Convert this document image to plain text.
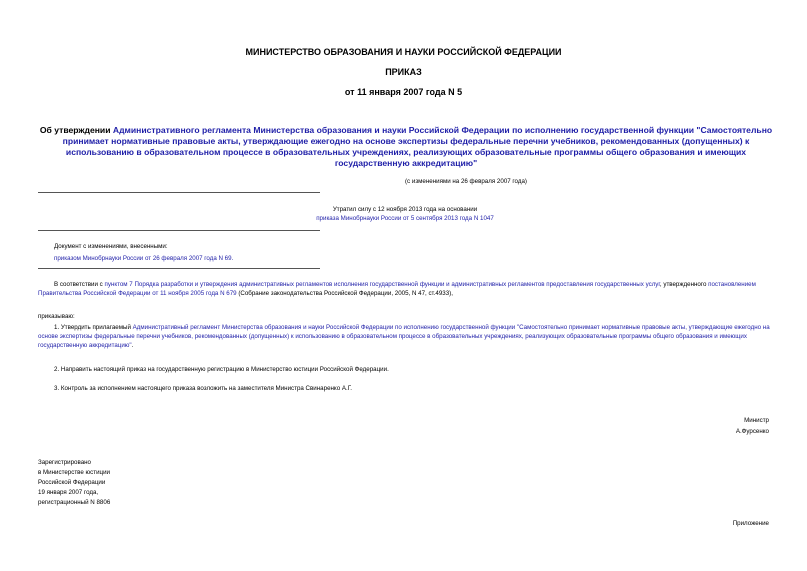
МИНИСТЕРСТВО ОБРАЗОВАНИЯ И НАУКИ РОССИЙСКОЙ ФЕДЕРАЦИИ
ПРИКАЗ
от 11 января 2007 года N 5
Об утверждении Административного регламента Министерства образования и науки Российской Федерации по исполнению государственной функции "Самостоятельно принимает нормативные правовые акты, утверждающие ежегодно на основе экспертизы федеральные перечни учебников, рекомендованных (допущенных) к использованию в образовательном процессе в образовательных учреждениях, реализующих образовательные программы общего образования и имеющих государственную аккредитацию"
(с изменениями на 26 февраля 2007 года)
Утратил силу с 12 ноября 2013 года на основании
приказа Минобрнауки России от 5 сентября 2013 года N 1047
Документ с изменениями, внесенными:
приказом Минобрнауки России от 26 февраля 2007 года N 69.
В соответствии с пунктом 7 Порядка разработки и утверждения административных регламентов исполнения государственной функции и административных регламентов предоставления государственных услуг, утвержденного постановлением Правительства Российской Федерации от 11 ноября 2005 года N 679 (Собрание законодательства Российской Федерации, 2005, N 47, ст.4933),
приказываю:
1. Утвердить прилагаемый Административный регламент Министерства образования и науки Российской Федерации по исполнению государственной функции "Самостоятельно принимает нормативные правовые акты, утверждающие ежегодно на основе экспертизы федеральные перечни учебников, рекомендованных (допущенных) к использованию в образовательном процессе в образовательных учреждениях, реализующих образовательные программы общего образования и имеющих государственную аккредитацию".
2. Направить настоящий приказ на государственную регистрацию в Министерство юстиции Российской Федерации.
3. Контроль за исполнением настоящего приказа возложить на заместителя Министра Свинаренко А.Г.
Министр
А.Фурсенко
Зарегистрировано
в Министерстве юстиции
Российской Федерации
19 января 2007 года,
регистрационный N 8806
Приложение
